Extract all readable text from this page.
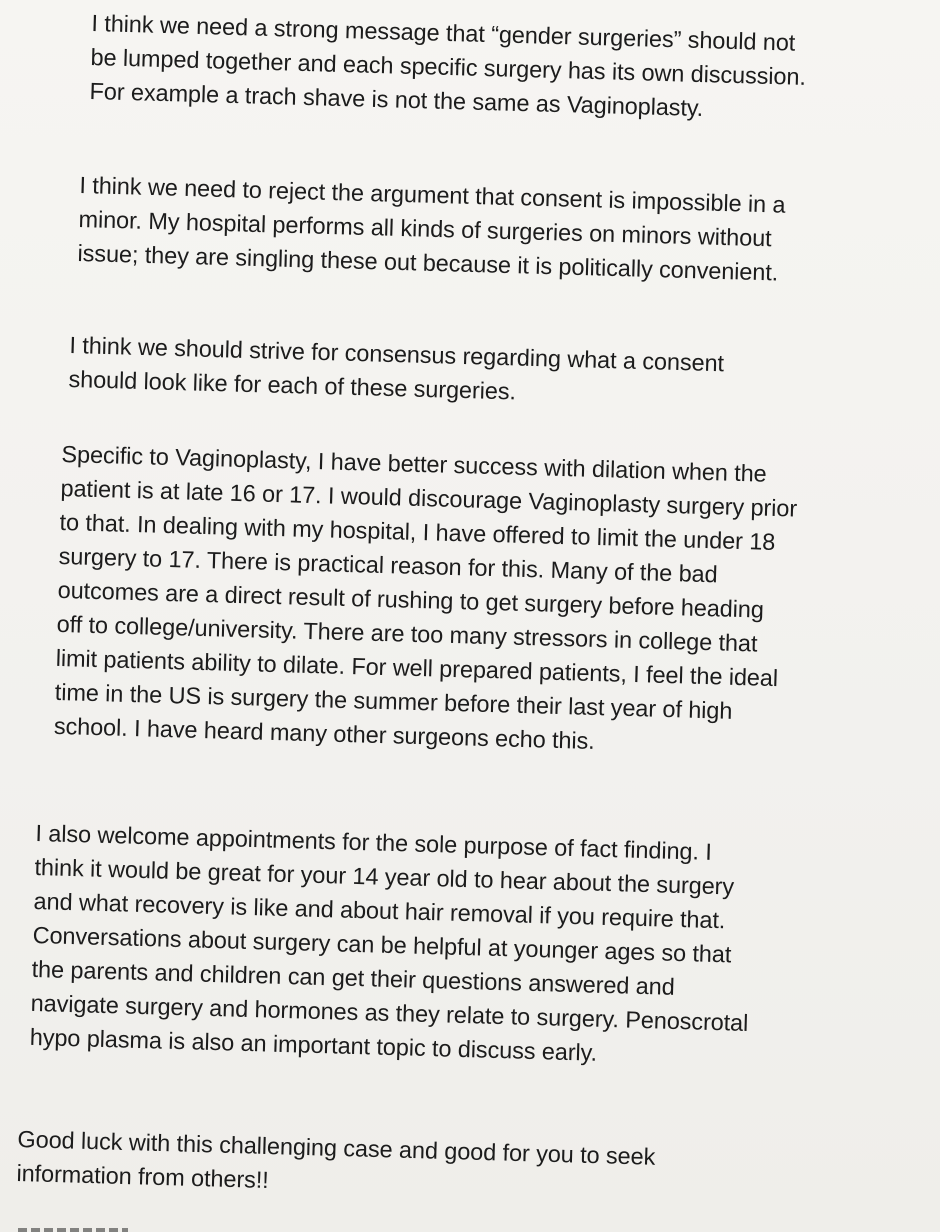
I think we need a strong message that “gender surgeries” should not
be lumped together and each specific surgery has its own discussion.
For example a trach shave is not the same as Vaginoplasty.

I think we need to reject the argument that consent is impossible in a
minor. My hospital performs all kinds of surgeries on minors without
issue; they are singling these out because it is politically convenient.

I think we should strive for consensus regarding what a consent
should look like for each of these surgeries.

Specific to Vaginoplasty, I have better success with dilation when the
patient is at late 16 or 17. I would discourage Vaginoplasty surgery prior
to that. In dealing with my hospital, I have offered to limit the under 18
surgery to 17. There is practical reason for this. Many of the bad
outcomes are a direct result of rushing to get surgery before heading
off to college/university. There are too many stressors in college that
limit patients ability to dilate. For well prepared patients, I feel the ideal
time in the US is surgery the summer before their last year of high
school. I have heard many other surgeons echo this.

I also welcome appointments for the sole purpose of fact finding. I
think it would be great for your 14 year old to hear about the surgery
and what recovery is like and about hair removal if you require that.
Conversations about surgery can be helpful at younger ages so that
the parents and children can get their questions answered and
navigate surgery and hormones as they relate to surgery. Penoscrotal
hypo plasma is also an important topic to discuss early.

Good luck with this challenging case and good for you to seek
information from others!!
